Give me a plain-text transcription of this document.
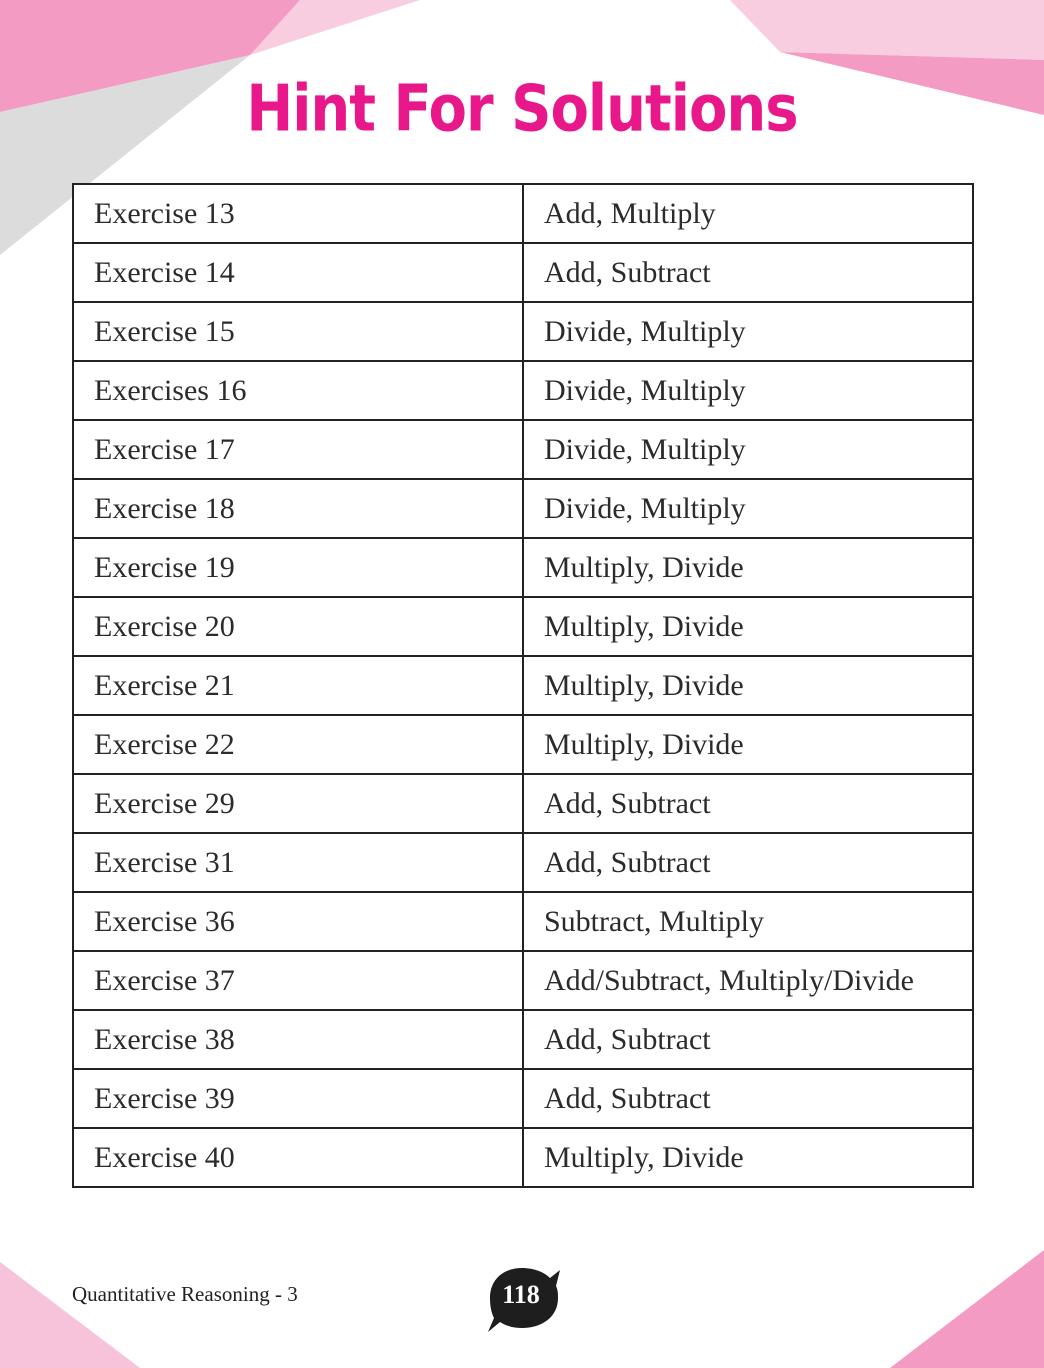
Hint For Solutions
Exercise 13	Add, Multiply
Exercise 14	Add, Subtract
Exercise 15	Divide, Multiply
Exercises 16	Divide, Multiply
Exercise 17	Divide, Multiply
Exercise 18	Divide, Multiply
Exercise 19	Multiply, Divide
Exercise 20	Multiply, Divide
Exercise 21	Multiply, Divide
Exercise 22	Multiply, Divide
Exercise 29	Add, Subtract
Exercise 31	Add, Subtract
Exercise 36	Subtract, Multiply
Exercise 37	Add/Subtract, Multiply/Divide
Exercise 38	Add, Subtract
Exercise 39	Add, Subtract
Exercise 40	Multiply, Divide
Quantitative Reasoning - 3	118
